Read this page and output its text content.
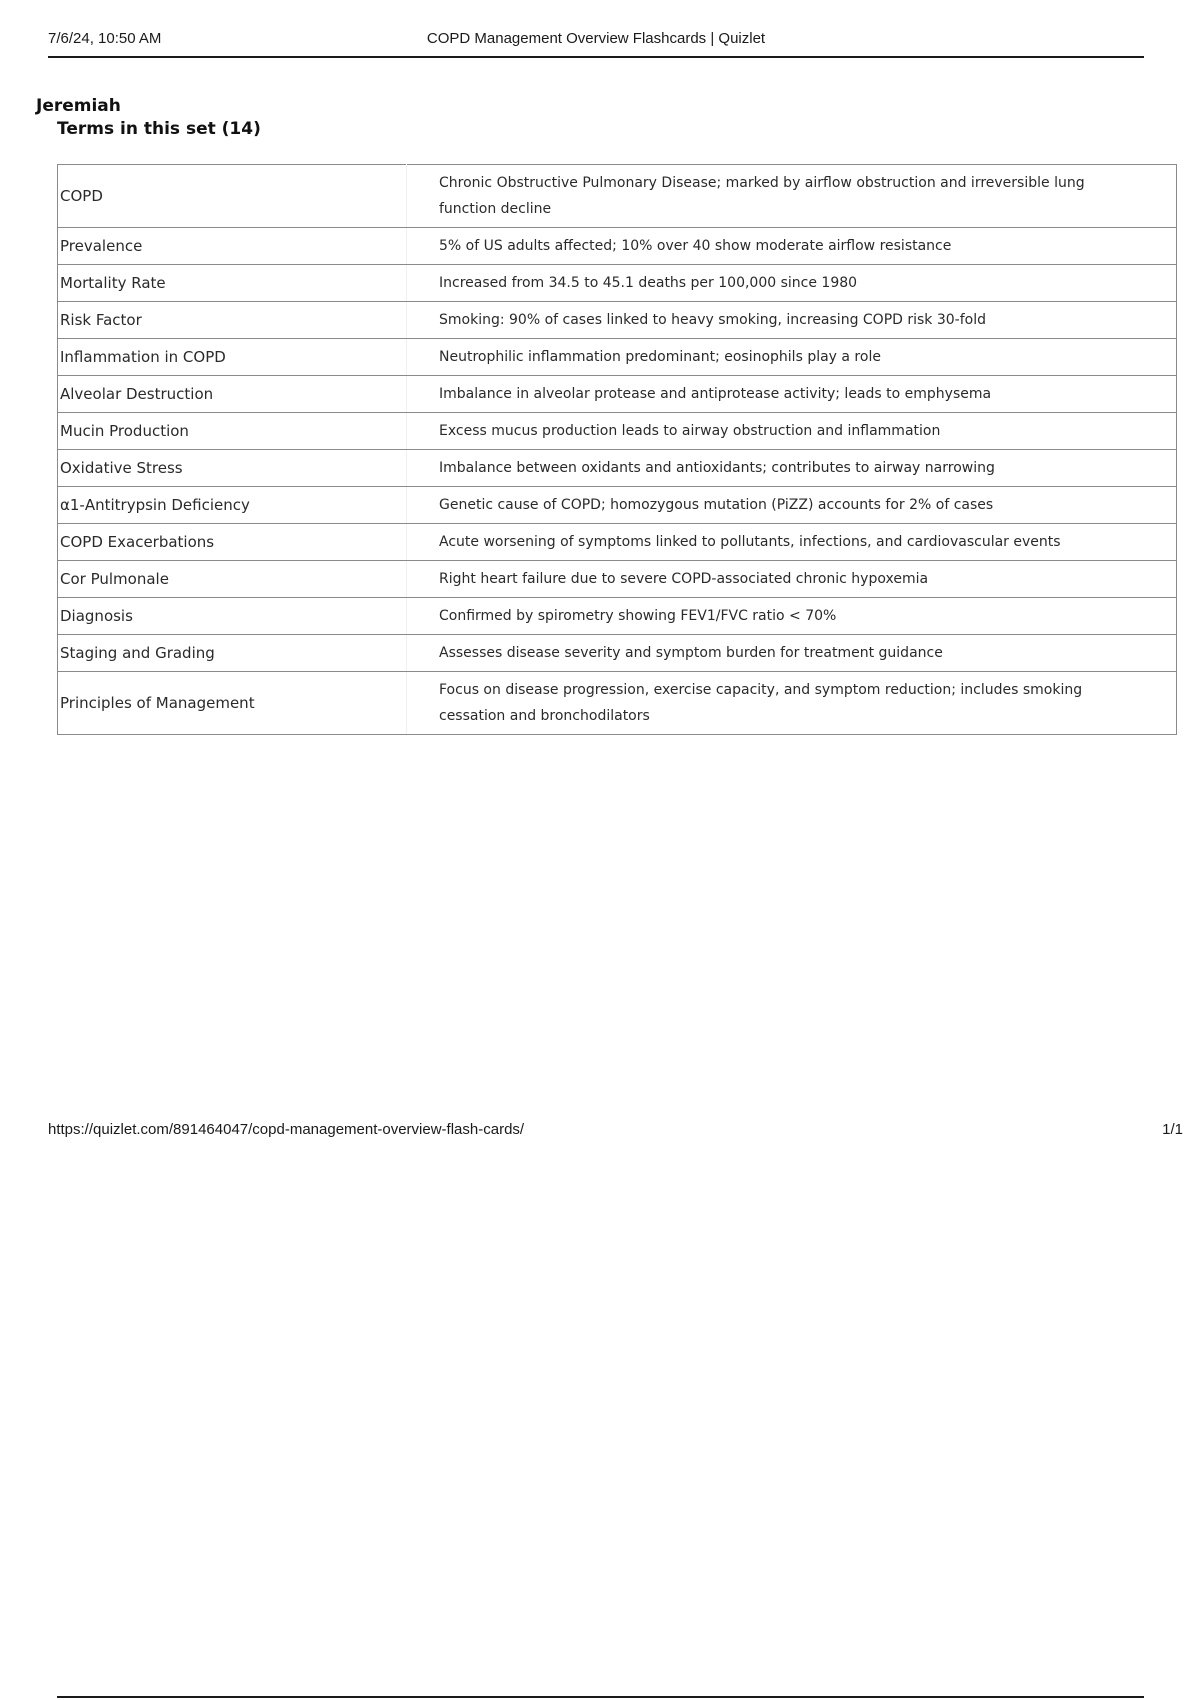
7/6/24, 10:50 AM	COPD Management Overview Flashcards | Quizlet
Jeremiah
Terms in this set (14)
COPD	Chronic Obstructive Pulmonary Disease; marked by airflow obstruction and irreversible lung function decline
Prevalence	5% of US adults affected; 10% over 40 show moderate airflow resistance
Mortality Rate	Increased from 34.5 to 45.1 deaths per 100,000 since 1980
Risk Factor	Smoking: 90% of cases linked to heavy smoking, increasing COPD risk 30-fold
Inflammation in COPD	Neutrophilic inflammation predominant; eosinophils play a role
Alveolar Destruction	Imbalance in alveolar protease and antiprotease activity; leads to emphysema
Mucin Production	Excess mucus production leads to airway obstruction and inflammation
Oxidative Stress	Imbalance between oxidants and antioxidants; contributes to airway narrowing
α1-Antitrypsin Deficiency	Genetic cause of COPD; homozygous mutation (PiZZ) accounts for 2% of cases
COPD Exacerbations	Acute worsening of symptoms linked to pollutants, infections, and cardiovascular events
Cor Pulmonale	Right heart failure due to severe COPD-associated chronic hypoxemia
Diagnosis	Confirmed by spirometry showing FEV1/FVC ratio < 70%
Staging and Grading	Assesses disease severity and symptom burden for treatment guidance
Principles of Management	Focus on disease progression, exercise capacity, and symptom reduction; includes smoking cessation and bronchodilators
https://quizlet.com/891464047/copd-management-overview-flash-cards/	1/1
